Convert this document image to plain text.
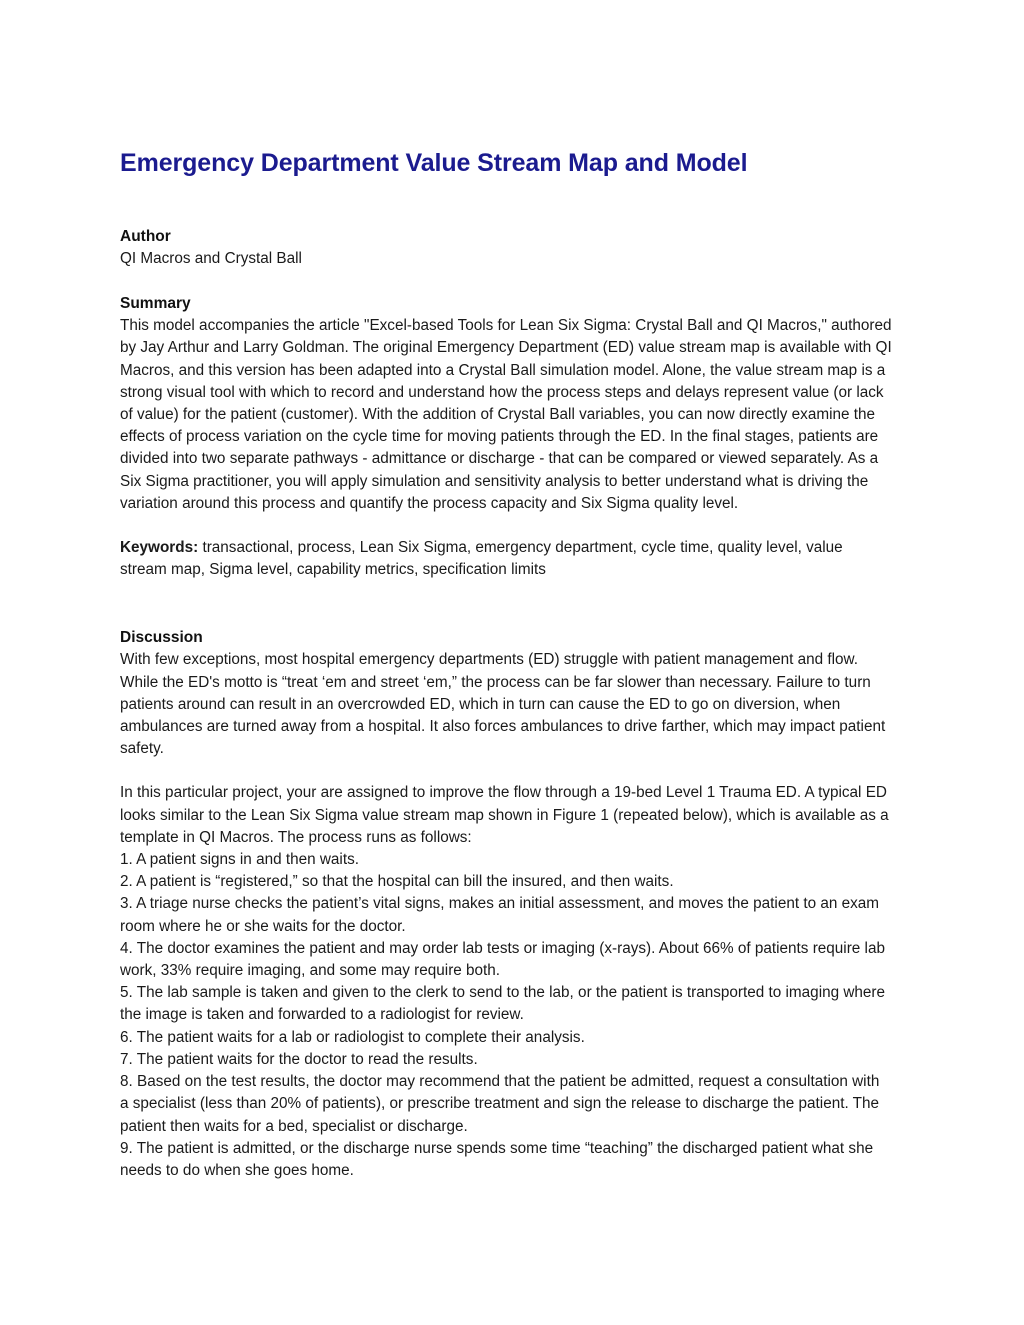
Emergency Department Value Stream Map and Model
Author

QI Macros and Crystal Ball

Summary

This model accompanies the article "Excel-based Tools for Lean Six Sigma: Crystal Ball and QI Macros," authored by Jay Arthur and Larry Goldman. The original Emergency Department (ED) value stream map is available with QI Macros, and this version has been adapted into a Crystal Ball simulation model. Alone, the value stream map is a strong visual tool with which to record and understand how the process steps and delays represent value (or lack of value) for the patient (customer). With the addition of Crystal Ball variables, you can now directly examine the effects of process variation on the cycle time for moving patients through the ED. In the final stages, patients are divided into two separate pathways - admittance or discharge - that can be compared or viewed separately. As a Six Sigma practitioner, you will apply simulation and sensitivity analysis to better understand what is driving the variation around this process and quantify the process capacity and Six Sigma quality level.

Keywords: transactional, process, Lean Six Sigma, emergency department, cycle time, quality level, value stream map, Sigma level, capability metrics, specification limits

Discussion

With few exceptions, most hospital emergency departments (ED) struggle with patient management and flow. While the ED's motto is “treat ‘em and street ‘em,” the process can be far slower than necessary. Failure to turn patients around can result in an overcrowded ED, which in turn can cause the ED to go on diversion, when ambulances are turned away from a hospital. It also forces ambulances to drive farther, which may impact patient safety.

In this particular project, your are assigned to improve the flow through a 19-bed Level 1 Trauma ED. A typical ED looks similar to the Lean Six Sigma value stream map shown in Figure 1 (repeated below), which is available as a template in QI Macros. The process runs as follows:

1. A patient signs in and then waits.
2. A patient is “registered,” so that the hospital can bill the insured, and then waits.
3. A triage nurse checks the patient’s vital signs, makes an initial assessment, and moves the patient to an exam room where he or she waits for the doctor.
4. The doctor examines the patient and may order lab tests or imaging (x-rays). About 66% of patients require lab work, 33% require imaging, and some may require both.
5. The lab sample is taken and given to the clerk to send to the lab, or the patient is transported to imaging where the image is taken and forwarded to a radiologist for review.
6. The patient waits for a lab or radiologist to complete their analysis.
7. The patient waits for the doctor to read the results.
8. Based on the test results, the doctor may recommend that the patient be admitted, request a consultation with a specialist (less than 20% of patients), or prescribe treatment and sign the release to discharge the patient. The patient then waits for a bed, specialist or discharge.
9. The patient is admitted, or the discharge nurse spends some time “teaching” the discharged patient what she needs to do when she goes home.
